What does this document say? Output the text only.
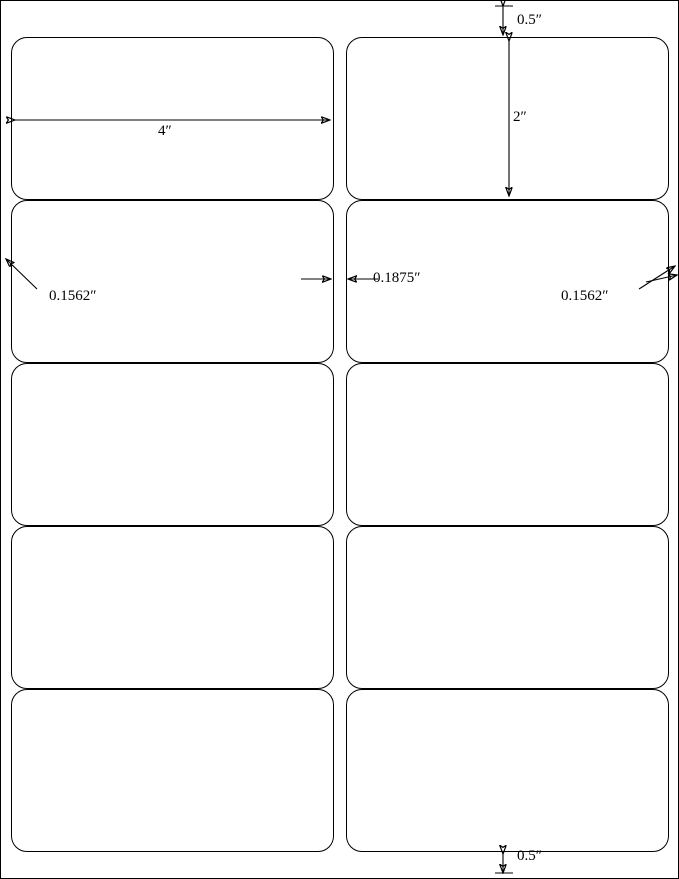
0.5″
4″
2″
0.1562″
0.1875″
0.1562″
0.5″
